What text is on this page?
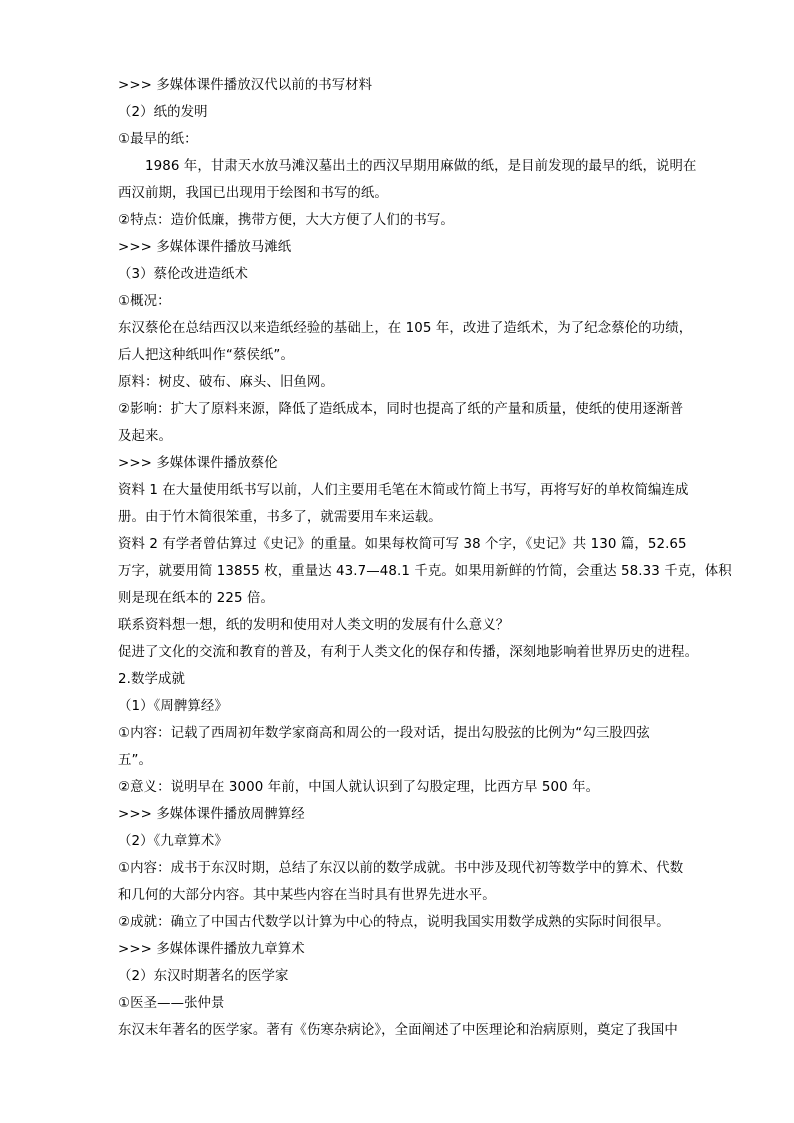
>>> 多媒体课件播放汉代以前的书写材料
（2）纸的发明
①最早的纸：
1986 年，甘肃天水放马滩汉墓出土的西汉早期用麻做的纸，是目前发现的最早的纸，说明在
西汉前期，我国已出现用于绘图和书写的纸。
②特点：造价低廉，携带方便，大大方便了人们的书写。
>>> 多媒体课件播放马滩纸
（3）蔡伦改进造纸术
①概况：
东汉蔡伦在总结西汉以来造纸经验的基础上，在 105 年，改进了造纸术，为了纪念蔡伦的功绩，
后人把这种纸叫作“蔡侯纸”。
原料：树皮、破布、麻头、旧鱼网。
②影响：扩大了原料来源，降低了造纸成本，同时也提高了纸的产量和质量，使纸的使用逐渐普
及起来。
>>> 多媒体课件播放蔡伦
资料 1 在大量使用纸书写以前，人们主要用毛笔在木简或竹简上书写，再将写好的单枚简编连成
册。由于竹木简很笨重，书多了，就需要用车来运载。
资料 2 有学者曾估算过《史记》的重量。如果每枚简可写 38 个字，《史记》共 130 篇，52.65
万字，就要用简 13855 枚，重量达 43.7—48.1 千克。如果用新鲜的竹简，会重达 58.33 千克，体积
则是现在纸本的 225 倍。
联系资料想一想，纸的发明和使用对人类文明的发展有什么意义？
促进了文化的交流和教育的普及，有利于人类文化的保存和传播，深刻地影响着世界历史的进程。
2.数学成就
（1）《周髀算经》
①内容：记载了西周初年数学家商高和周公的一段对话，提出勾股弦的比例为“勾三股四弦
五”。
②意义：说明早在 3000 年前，中国人就认识到了勾股定理，比西方早 500 年。
>>> 多媒体课件播放周髀算经
（2）《九章算术》
①内容：成书于东汉时期，总结了东汉以前的数学成就。书中涉及现代初等数学中的算术、代数
和几何的大部分内容。其中某些内容在当时具有世界先进水平。
②成就：确立了中国古代数学以计算为中心的特点，说明我国实用数学成熟的实际时间很早。
>>> 多媒体课件播放九章算术
（2）东汉时期著名的医学家
①医圣——张仲景
东汉末年著名的医学家。著有《伤寒杂病论》，全面阐述了中医理论和治病原则，奠定了我国中
